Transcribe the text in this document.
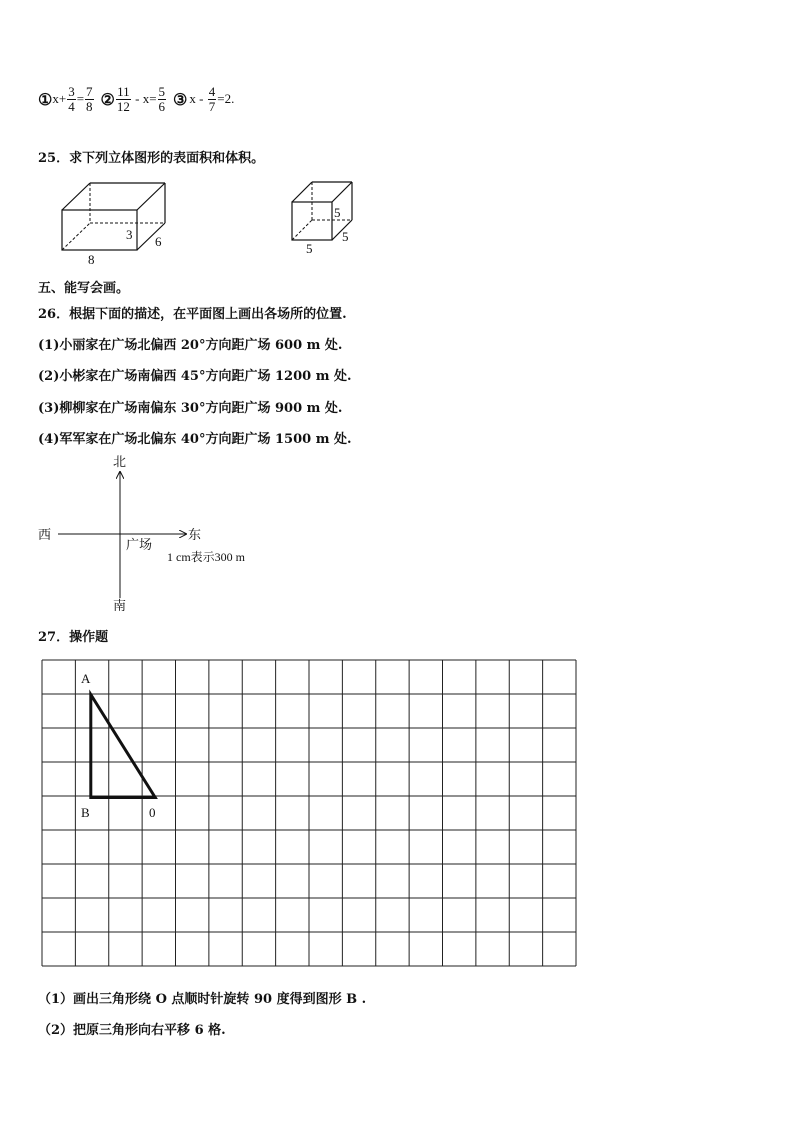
① $x+ \frac{3}{4} = \frac{7}{8}$ ② $\frac{11}{12} - x= \frac{5}{6}$ ③ $x - \frac{4}{7} =2$.
25．求下列立体图形的表面积和体积。
3 6
8
5
5
5
五、能写会画。
26．根据下面的描述，在平面图上画出各场所的位置.
(1)小丽家在广场北偏西 20°方向距广场 600 m 处.
(2)小彬家在广场南偏西 45°方向距广场 1200 m 处.
(3)柳柳家在广场南偏东 30°方向距广场 900 m 处.
(4)军军家在广场北偏东 40°方向距广场 1500 m 处.
北
南
西	东
广场
1 cm表示300 m
27．操作题
A
B	0
（1）画出三角形绕 O 点顺时针旋转 90 度得到图形 B .
（2）把原三角形向右平移 6 格.
